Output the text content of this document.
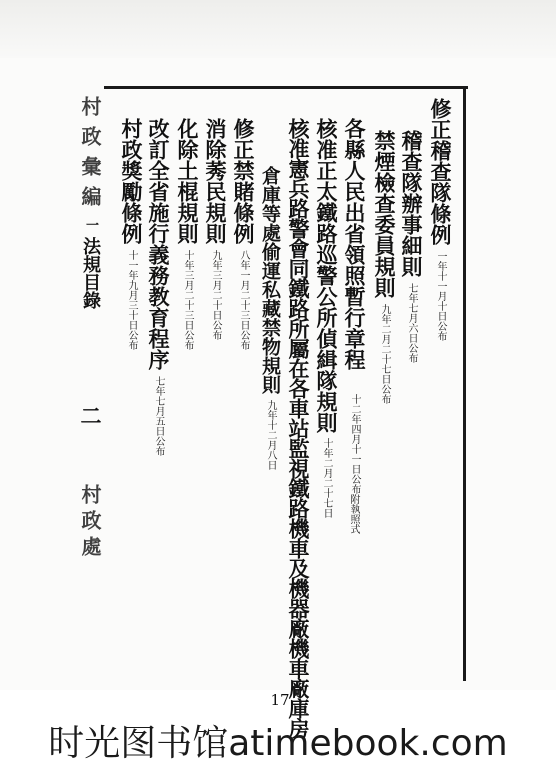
修正稽查隊條例一年十一月十日公布
稽查隊辦事細則七年七月六日公布
禁煙檢查委員規則九年二月二十七日公布
各縣人民出省領照暫行章程
十二年四月十一日公布
附執照式
核准正太鐵路巡警公所偵緝隊規則十年二月二十七日
核准憲兵路警會同鐵路所屬在各車站監視鐵路機車及機器廠機車廠庫房
倉庫等處偷運私藏禁物規則九年十二月八日
修正禁賭條例八年一月二十三日公布
消除莠民規則九年三月二十日公布
化除土棍規則十年三月二十三日公布
改訂全省施行義務教育程序七年七月五日公布
村政獎勵條例十一年九月三十日公布
村政彙編一法規目錄二村政處
17
时光图书馆atimebook.com
